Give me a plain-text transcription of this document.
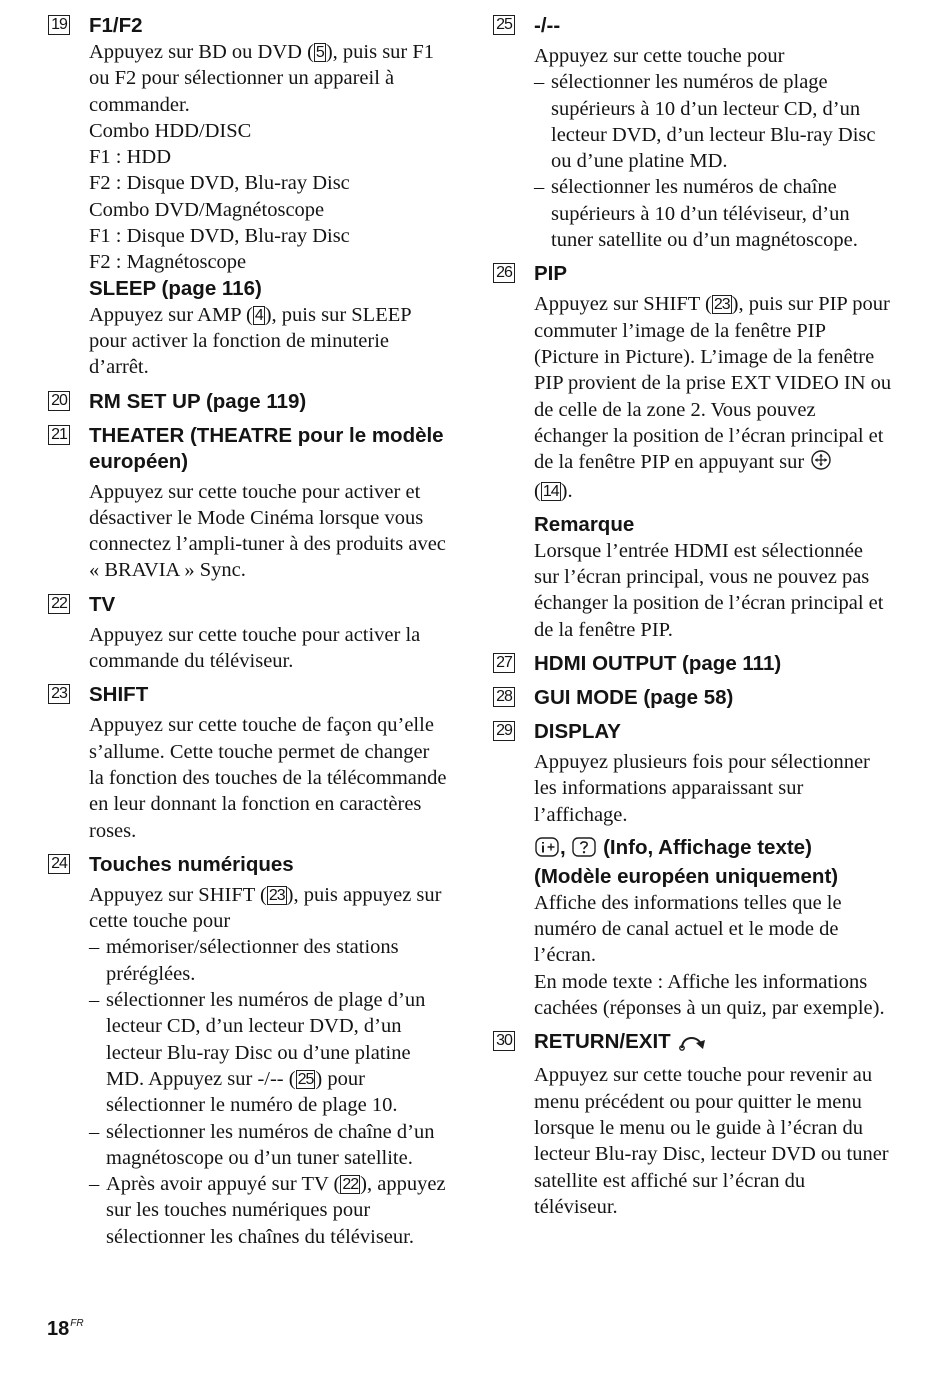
19 F1/F2

Appuyez sur BD ou DVD ( 5), puis sur F1 ou F2 pour sélectionner un appareil à commander.

Combo HDD/DISC

F1 : HDD

F2 : Disque DVD, Blu-ray Disc

Combo DVD/Magnétoscope

F1 : Disque DVD, Blu-ray Disc

F2 : Magnétoscope

SLEEP (page 116)

Appuyez sur AMP ( 4), puis sur SLEEP pour activer la fonction de minuterie d’arrêt.

20 RM SET UP (page 119)
21 THEATER (THEATRE pour le modèle européen)

Appuyez sur cette touche pour activer et désactiver le Mode Cinéma lorsque vous connectez l’ampli-tuner à des produits avec « BRAVIA » Sync.

22 TV

Appuyez sur cette touche pour activer la commande du téléviseur.

23 SHIFT

Appuyez sur cette touche de façon qu’elle s’allume. Cette touche permet de changer la fonction des touches de la télécommande en leur donnant la fonction en caractères roses.

24 Touches numériques

Appuyez sur SHIFT ( 23), puis appuyez sur cette touche pour

– mémoriser/sélectionner des stations préréglées.

– sélectionner les numéros de plage d’un lecteur CD, d’un lecteur DVD, d’un lecteur Blu-ray Disc ou d’une platine MD. Appuyez sur -/-- ( 25) pour sélectionner le numéro de plage 10.

– sélectionner les numéros de chaîne d’un magnétoscope ou d’un tuner satellite.

– Après avoir appuyé sur TV ( 22), appuyez sur les touches numériques pour sélectionner les chaînes du téléviseur.

25 -/--

Appuyez sur cette touche pour

– sélectionner les numéros de plage supérieurs à 10 d’un lecteur CD, d’un lecteur DVD, d’un lecteur Blu-ray Disc ou d’une platine MD.

– sélectionner les numéros de chaîne supérieurs à 10 d’un téléviseur, d’un tuner satellite ou d’un magnétoscope.

26 PIP

Appuyez sur SHIFT ( 23), puis sur PIP pour commuter l’image de la fenêtre PIP (Picture in Picture). L’image de la fenêtre PIP provient de la prise EXT VIDEO IN ou de celle de la zone 2. Vous pouvez échanger la position de l’écran principal et de la fenêtre PIP en appuyant sur
( 14).

Remarque

Lorsque l’entrée HDMI est sélectionnée sur l’écran principal, vous ne pouvez pas échanger la position de l’écran principal et de la fenêtre PIP.

27 HDMI OUTPUT (page 111)
28 GUI MODE (page 58)
29 DISPLAY

Appuyez plusieurs fois pour sélectionner les informations apparaissant sur l’affichage.

, (Info, Affichage texte)
(Modèle européen uniquement)

Affiche des informations telles que le numéro de canal actuel et le mode de l’écran.

En mode texte : Affiche les informations cachées (réponses à un quiz, par exemple).

30 RETURN/EXIT

Appuyez sur cette touche pour revenir au menu précédent ou pour quitter le menu lorsque le menu ou le guide à l’écran du lecteur Blu-ray Disc, lecteur DVD ou tuner satellite est affiché sur l’écran du téléviseur.

$18^{FR}$
